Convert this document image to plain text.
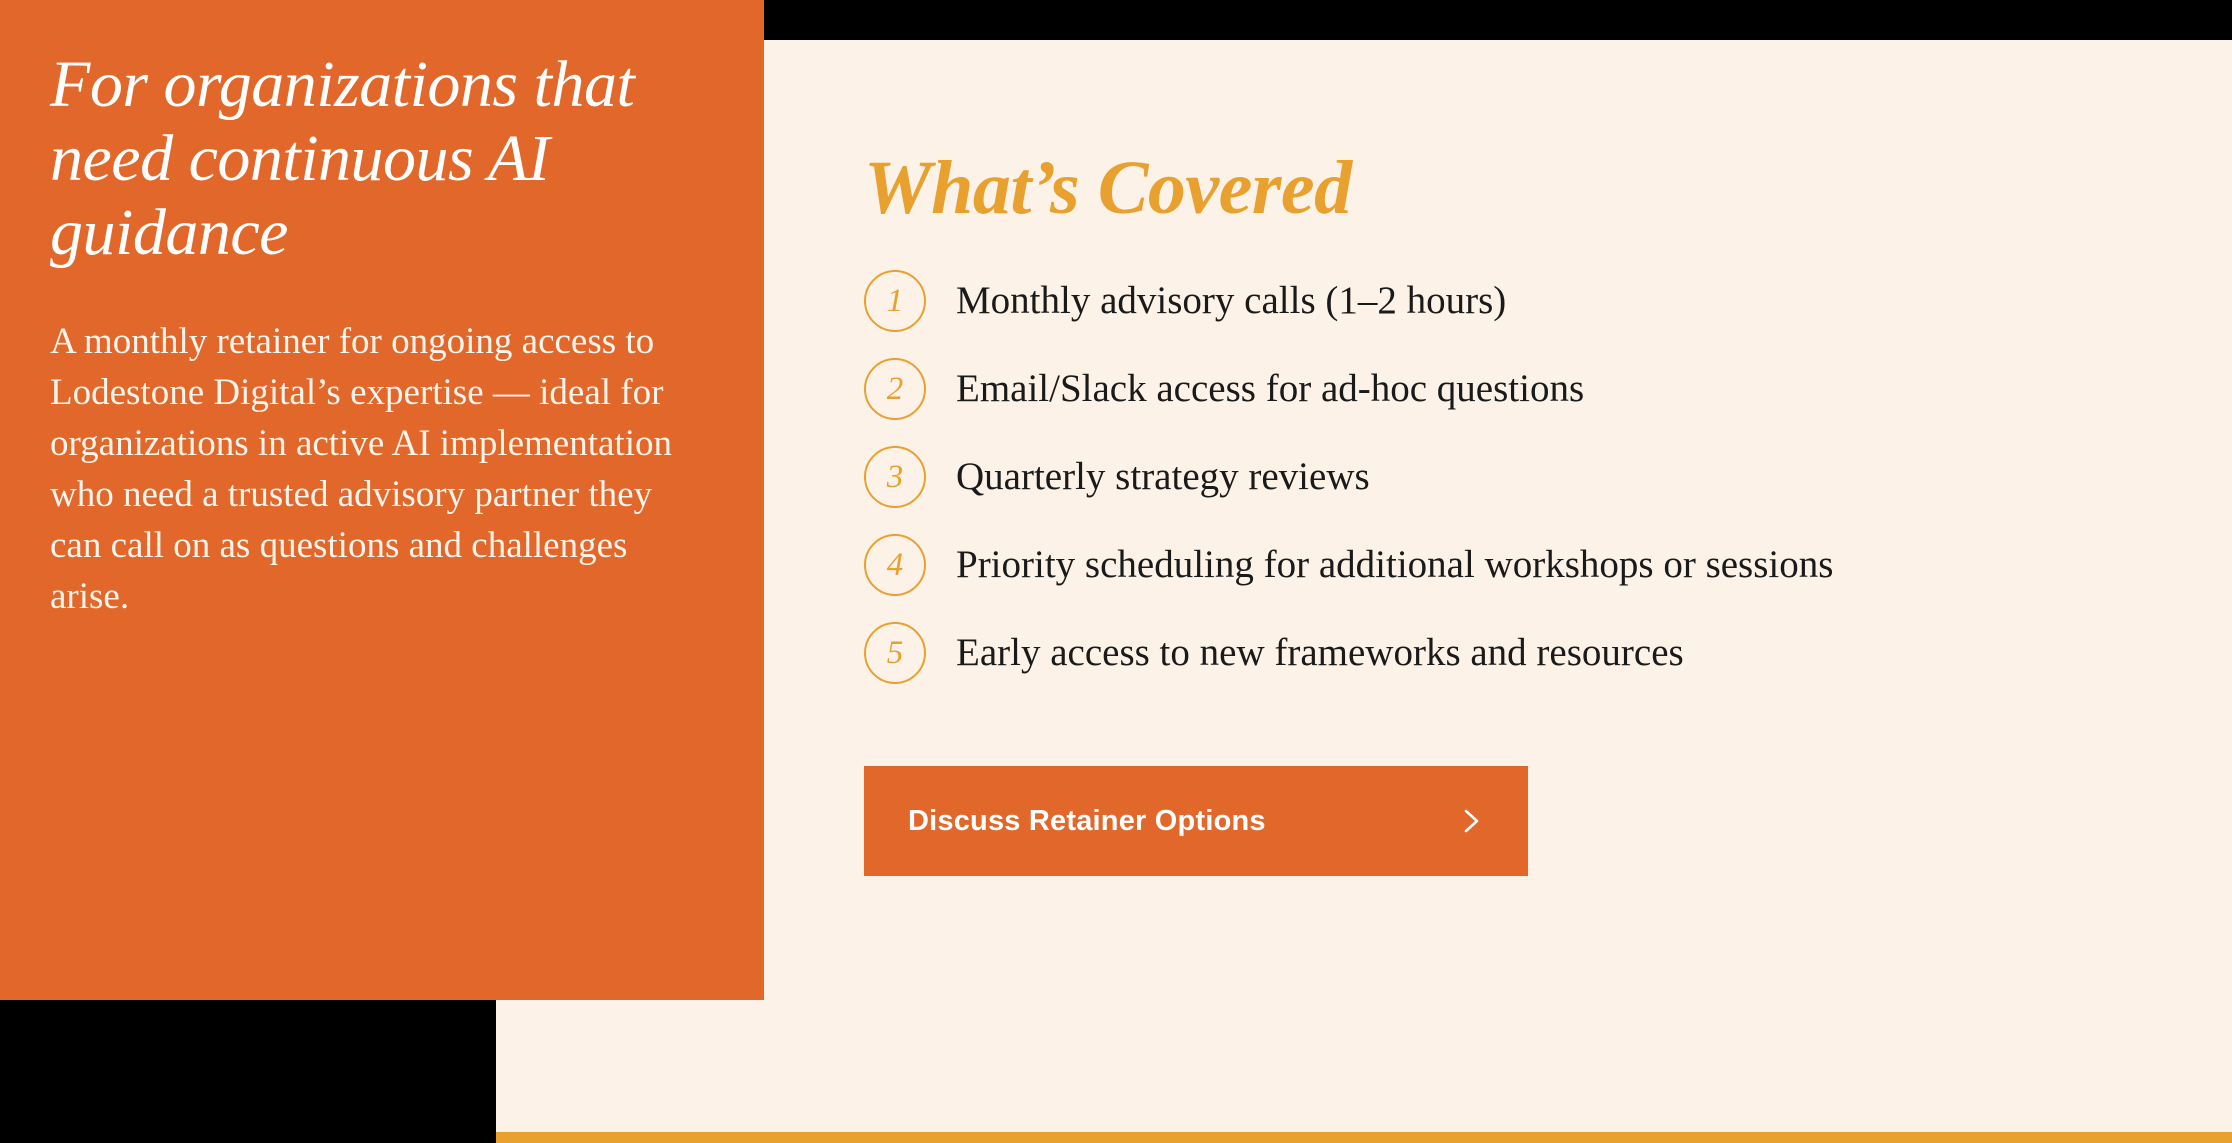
For organizations that need continuous AI guidance

A monthly retainer for ongoing access to Lodestone Digital’s expertise — ideal for organizations in active AI implementation who need a trusted advisory partner they can call on as questions and challenges arise.

What’s Covered
1	Monthly advisory calls (1–2 hours)
2	Email/Slack access for ad-hoc questions
3	Quarterly strategy reviews
4	Priority scheduling for additional workshops or sessions
5	Early access to new frameworks and resources
Discuss Retainer Options
